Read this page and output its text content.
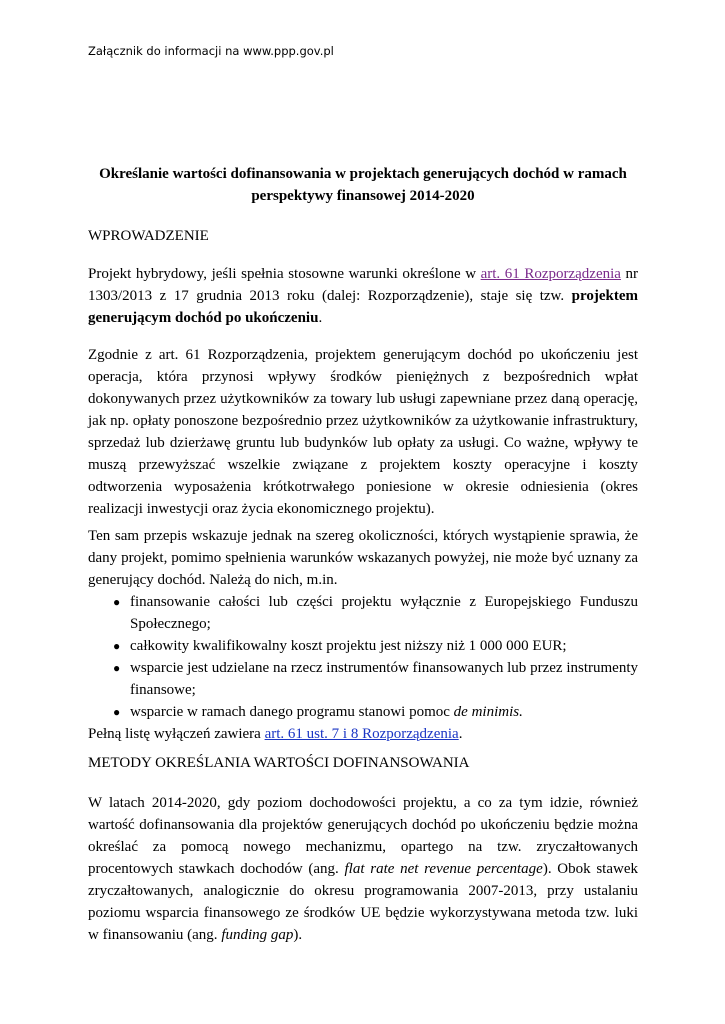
Załącznik do informacji na www.ppp.gov.pl
Określanie wartości dofinansowania w projektach generujących dochód w ramach
perspektywy finansowej 2014-2020
WPROWADZENIE

Projekt hybrydowy, jeśli spełnia stosowne warunki określone w art. 61 Rozporządzenia nr 1303/2013 z 17 grudnia 2013 roku (dalej: Rozporządzenie), staje się tzw. projektem generującym dochód po ukończeniu.

Zgodnie z art. 61 Rozporządzenia, projektem generującym dochód po ukończeniu jest operacja, która przynosi wpływy środków pieniężnych z bezpośrednich wpłat dokonywanych przez użytkowników za towary lub usługi zapewniane przez daną operację, jak np. opłaty ponoszone bezpośrednio przez użytkowników za użytkowanie infrastruktury, sprzedaż lub dzierżawę gruntu lub budynków lub opłaty za usługi. Co ważne, wpływy te muszą przewyższać wszelkie związane z projektem koszty operacyjne i koszty odtworzenia wyposażenia krótkotrwałego poniesione w okresie odniesienia (okres realizacji inwestycji oraz życia ekonomicznego projektu).

Ten sam przepis wskazuje jednak na szereg okoliczności, których wystąpienie sprawia, że dany projekt, pomimo spełnienia warunków wskazanych powyżej, nie może być uznany za generujący dochód. Należą do nich, m.in.

● finansowanie całości lub części projektu wyłącznie z Europejskiego Funduszu Społecznego;
● całkowity kwalifikowalny koszt projektu jest niższy niż 1 000 000 EUR;
● wsparcie jest udzielane na rzecz instrumentów finansowanych lub przez instrumenty finansowe;
● wsparcie w ramach danego programu stanowi pomoc de minimis.

Pełną listę wyłączeń zawiera art. 61 ust. 7 i 8 Rozporządzenia.

METODY OKREŚLANIA WARTOŚCI DOFINANSOWANIA

W latach 2014-2020, gdy poziom dochodowości projektu, a co za tym idzie, również wartość dofinansowania dla projektów generujących dochód po ukończeniu będzie można określać za pomocą nowego mechanizmu, opartego na tzw. zryczałtowanych procentowych stawkach dochodów (ang. flat rate net revenue percentage). Obok stawek zryczałtowanych, analogicznie do okresu programowania 2007-2013, przy ustalaniu poziomu wsparcia finansowego ze środków UE będzie wykorzystywana metoda tzw. luki w finansowaniu (ang. funding gap).
